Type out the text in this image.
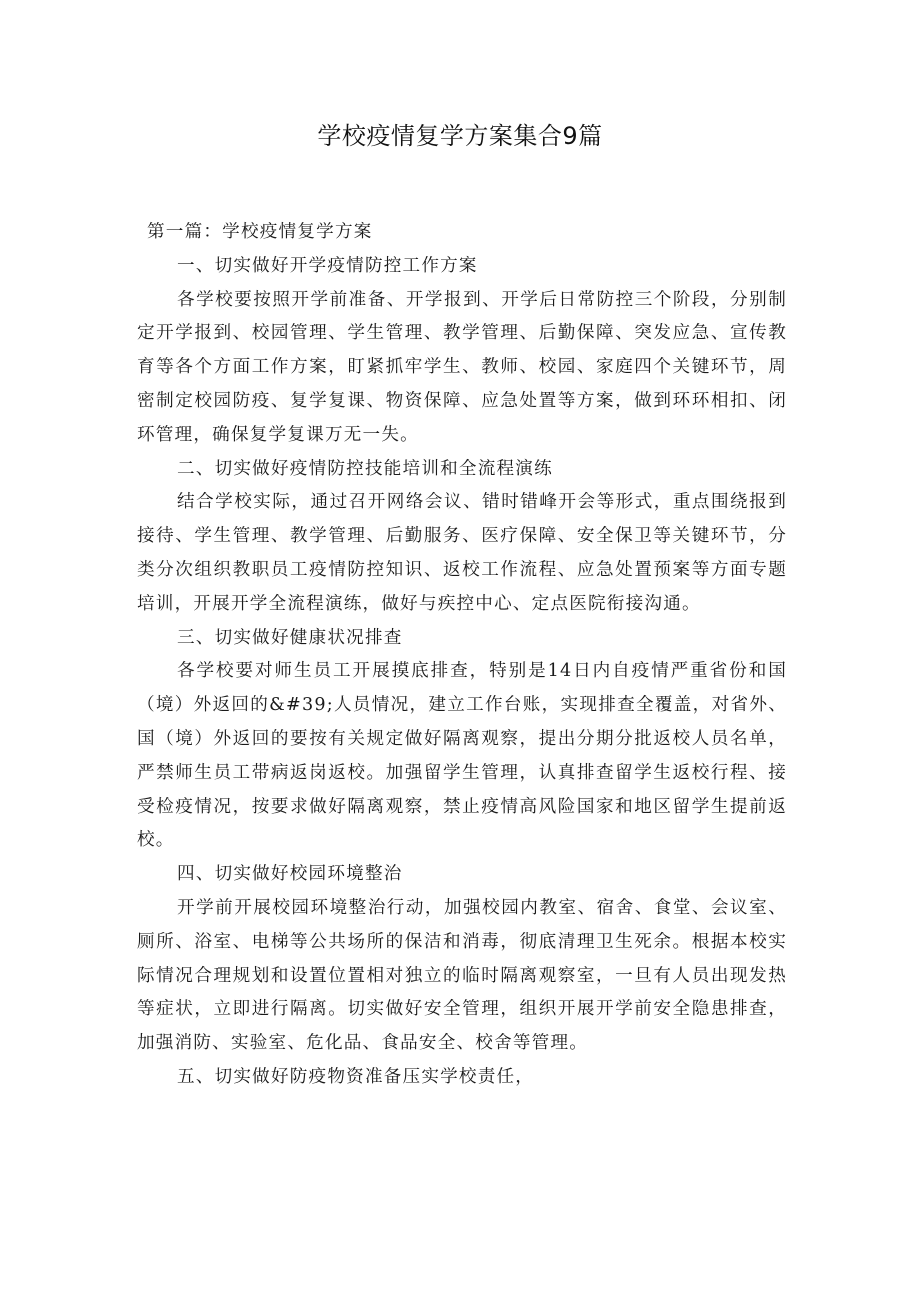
学校疫情复学方案集合9篇

第一篇：学校疫情复学方案

一、切实做好开学疫情防控工作方案

各学校要按照开学前准备、开学报到、开学后日常防控三个阶段，分别制定开学报到、校园管理、学生管理、教学管理、后勤保障、突发应急、宣传教育等各个方面工作方案，盯紧抓牢学生、教师、校园、家庭四个关键环节，周密制定校园防疫、复学复课、物资保障、应急处置等方案，做到环环相扣、闭环管理，确保复学复课万无一失。

二、切实做好疫情防控技能培训和全流程演练

结合学校实际，通过召开网络会议、错时错峰开会等形式，重点围绕报到接待、学生管理、教学管理、后勤服务、医疗保障、安全保卫等关键环节，分类分次组织教职员工疫情防控知识、返校工作流程、应急处置预案等方面专题培训，开展开学全流程演练，做好与疾控中心、定点医院衔接沟通。

三、切实做好健康状况排查

各学校要对师生员工开展摸底排查，特别是14日内自疫情严重省份和国（境）外返回的&#39;人员情况，建立工作台账，实现排查全覆盖，对省外、国（境）外返回的要按有关规定做好隔离观察，提出分期分批返校人员名单，严禁师生员工带病返岗返校。加强留学生管理，认真排查留学生返校行程、接受检疫情况，按要求做好隔离观察，禁止疫情高风险国家和地区留学生提前返校。

四、切实做好校园环境整治

开学前开展校园环境整治行动，加强校园内教室、宿舍、食堂、会议室、厕所、浴室、电梯等公共场所的保洁和消毒，彻底清理卫生死余。根据本校实际情况合理规划和设置位置相对独立的临时隔离观察室，一旦有人员出现发热等症状，立即进行隔离。切实做好安全管理，组织开展开学前安全隐患排查，加强消防、实验室、危化品、食品安全、校舍等管理。

五、切实做好防疫物资准备压实学校责任，
